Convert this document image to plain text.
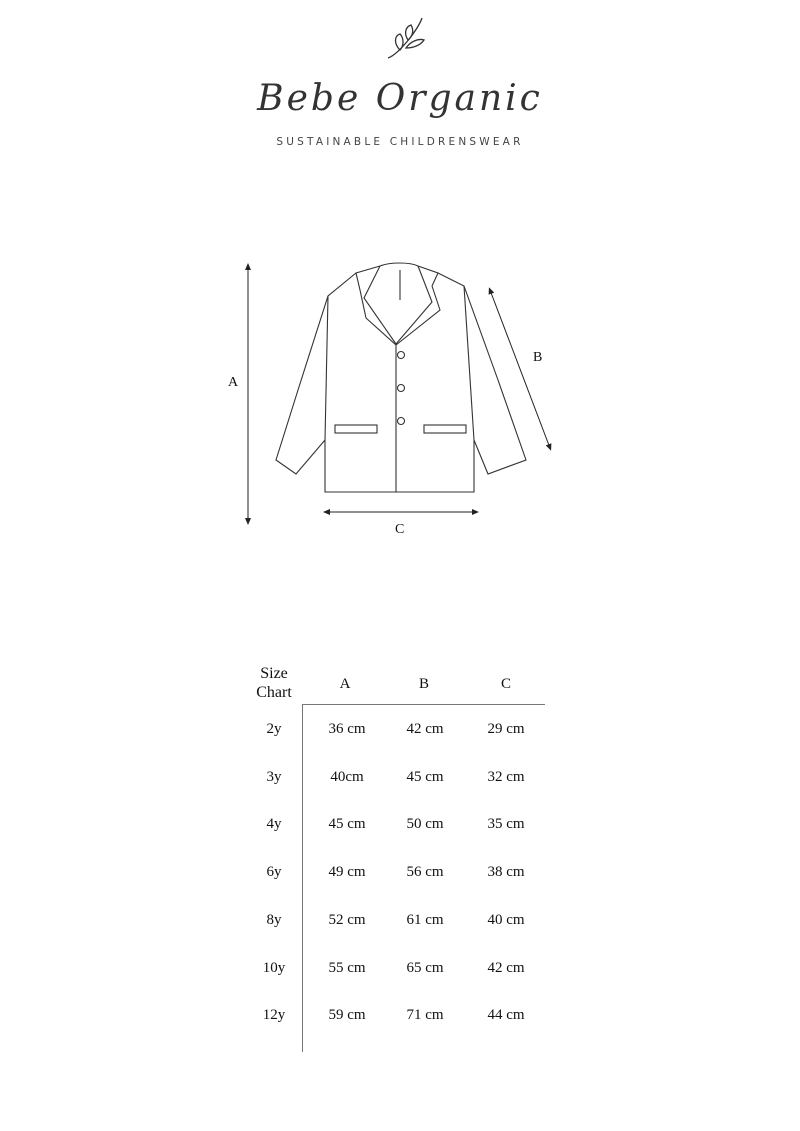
Bebe Organic
SUSTAINABLE CHILDRENSWEAR
A
B
C
Size
Chart	A	B	C
2y	36 cm	42 cm	29 cm
3y	40cm	45 cm	32 cm
4y	45 cm	50 cm	35 cm
6y	49 cm	56 cm	38 cm
8y	52 cm	61 cm	40 cm
10y	55 cm	65 cm	42 cm
12y	59 cm	71 cm	44 cm
